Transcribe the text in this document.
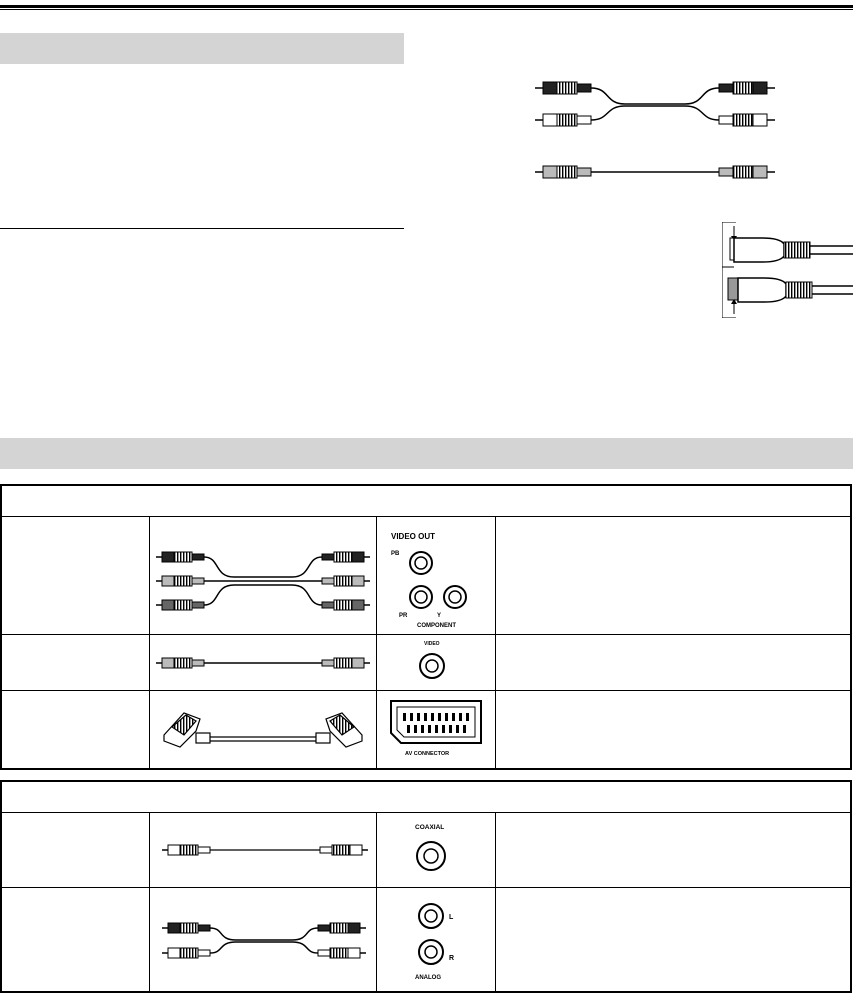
VIDEO OUT
PB
PR Y
COMPONENT	

VIDEO	

AV CONNECTOR	

COAXIAL	

L
R
ANALOG	
